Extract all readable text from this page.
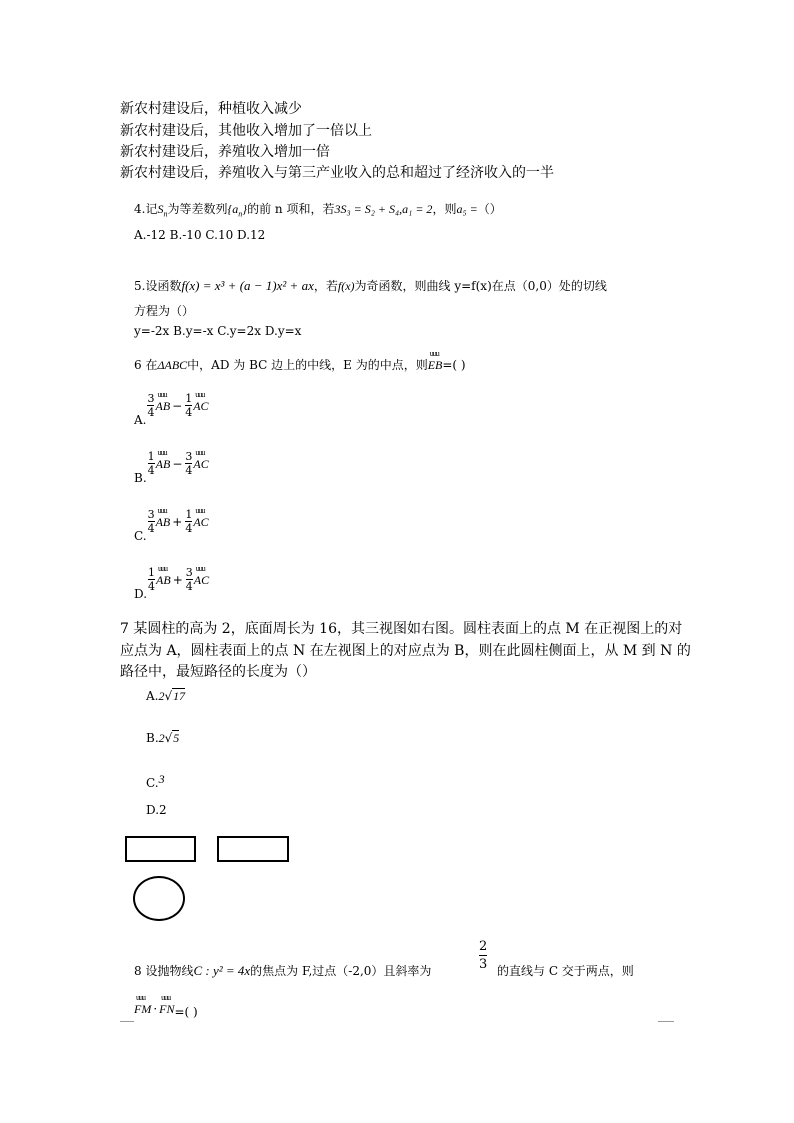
新农村建设后，种植收入减少
新农村建设后，其他收入增加了一倍以上
新农村建设后，养殖收入增加一倍
新农村建设后，养殖收入与第三产业收入的总和超过了经济收入的一半
4.记$S_n$为等差数列$\{a_n\}$的前 n 项和，若3S₃ = S₂ + S₄,a₁ = 2，则a₅ =（）
A.-12 B.-10 C.10 D.12
5.设函数f(x) = x³ + (a − 1)x² + ax，若f(x)为奇函数，则曲线 y=f(x)在点（0,0）处的切线
方程为（）
y=-2x B.y=-x C.y=2x D.y=x
6 在ΔABC中，AD 为 BC 边上的中线，E 为的中点，则
uuu
EB=( )
$_{A.}$
$\frac{3}{4}$ uuu
AB − $\frac{1}{4}$ uuu
AC
$_{B.}$
$\frac{1}{4}$ uuu
AB − $\frac{3}{4}$ uuu
AC
$_{C.}$
$\frac{3}{4}$ uuu
AB + $\frac{1}{4}$ uuu
AC
$_{D.}$
$\frac{1}{4}$ uuu
AB + $\frac{3}{4}$ uuu
AC
7 某圆柱的高为 2，底面周长为 16，其三视图如右图。圆柱表面上的点 M 在正视图上的对
应点为 A，圆柱表面上的点 N 在左视图上的对应点为 B，则在此圆柱侧面上，从 M 到 N 的
路径中，最短路径的长度为（）
A.2√17
B.2√5
C.3
D.2
8 设抛物线C : y² = 4x的焦点为 F,过点（-2,0）且斜率为	$\frac{2}{3}$ 的直线与 C 交于两点，则
uuu
FM ·
uuu
FN=( )
